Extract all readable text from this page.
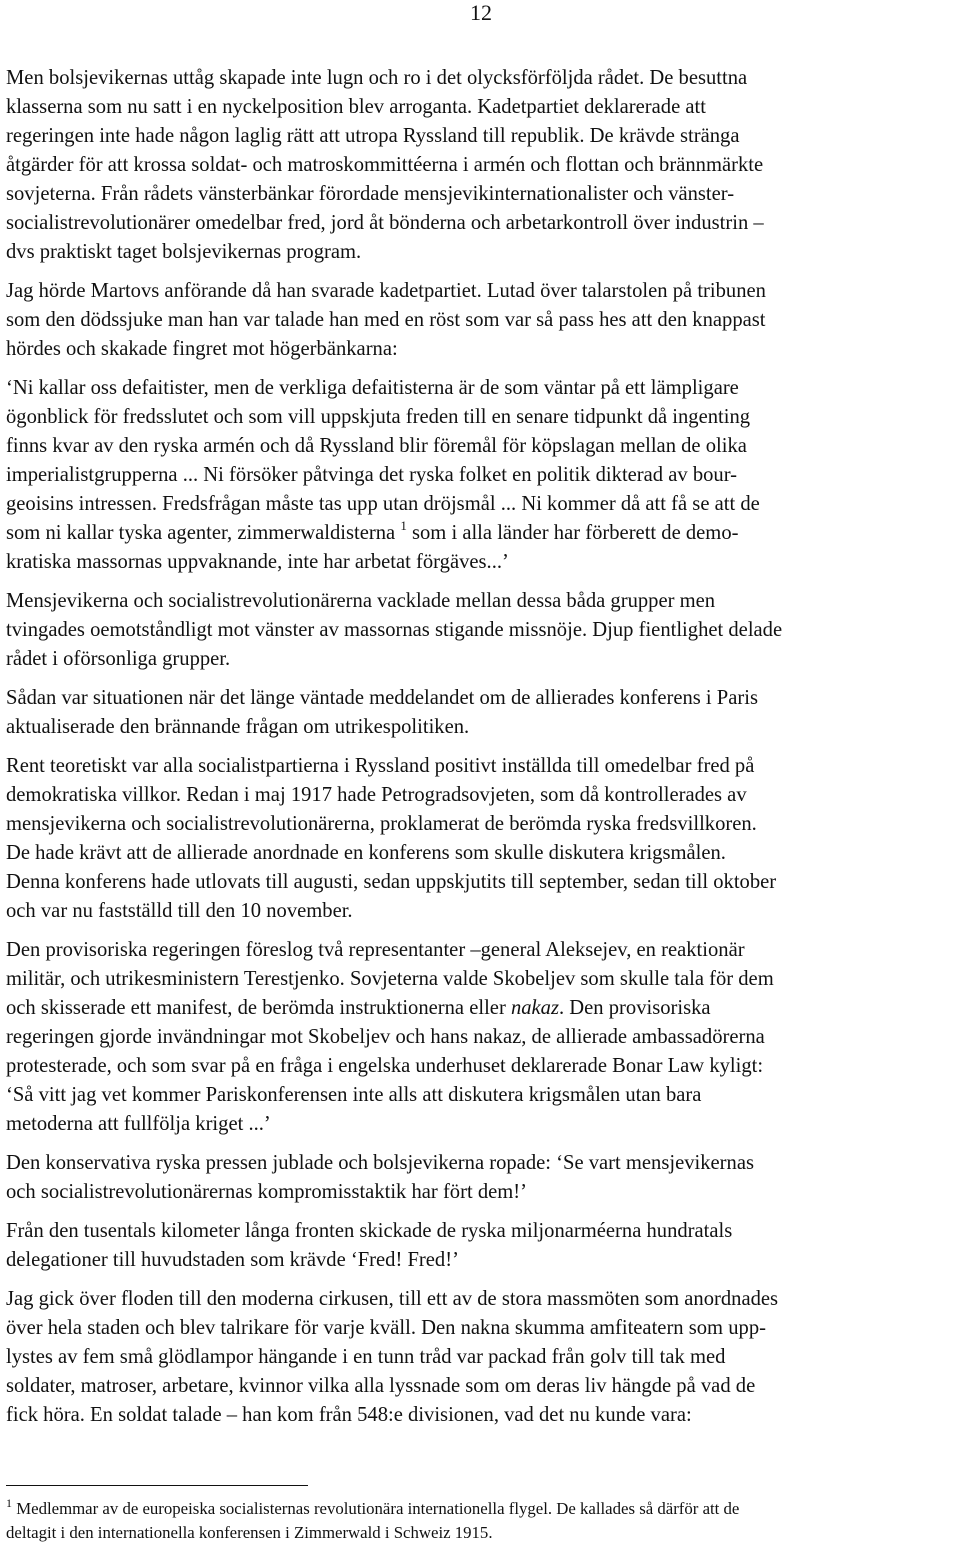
12
Men bolsjevikernas uttåg skapade inte lugn och ro i det olycksförföljda rådet. De besuttna
klasserna som nu satt i en nyckelposition blev arroganta. Kadetpartiet deklarerade att
regeringen inte hade någon laglig rätt att utropa Ryssland till republik. De krävde stränga
åtgärder för att krossa soldat- och matroskommittéerna i armén och flottan och brännmärkte
sovjeterna. Från rådets vänsterbänkar förordade mensjevikinternationalister och vänster-
socialistrevolutionärer omedelbar fred, jord åt bönderna och arbetarkontroll över industrin –
dvs praktiskt taget bolsjevikernas program.
Jag hörde Martovs anförande då han svarade kadetpartiet. Lutad över talarstolen på tribunen
som den dödssjuke man han var talade han med en röst som var så pass hes att den knappast
hördes och skakade fingret mot högerbänkarna:
‘Ni kallar oss defaitister, men de verkliga defaitisterna är de som väntar på ett lämpligare
ögonblick för fredsslutet och som vill uppskjuta freden till en senare tidpunkt då ingenting
finns kvar av den ryska armén och då Ryssland blir föremål för köpslagan mellan de olika
imperialistgrupperna ... Ni försöker påtvinga det ryska folket en politik dikterad av bour-
geoisins intressen. Fredsfrågan måste tas upp utan dröjsmål ... Ni kommer då att få se att de
som ni kallar tyska agenter, zimmerwaldisterna $^1$ som i alla länder har förberett de demo-
kratiska massornas uppvaknande, inte har arbetat förgäves...’
Mensjevikerna och socialistrevolutionärerna vacklade mellan dessa båda grupper men
tvingades oemotståndligt mot vänster av massornas stigande missnöje. Djup fientlighet delade
rådet i oförsonliga grupper.
Sådan var situationen när det länge väntade meddelandet om de allierades konferens i Paris
aktualiserade den brännande frågan om utrikespolitiken.
Rent teoretiskt var alla socialistpartierna i Ryssland positivt inställda till omedelbar fred på
demokratiska villkor. Redan i maj 1917 hade Petrogradsovjeten, som då kontrollerades av
mensjevikerna och socialistrevolutionärerna, proklamerat de berömda ryska fredsvillkoren.
De hade krävt att de allierade anordnade en konferens som skulle diskutera krigsmålen.
Denna konferens hade utlovats till augusti, sedan uppskjutits till september, sedan till oktober
och var nu fastställd till den 10 november.
Den provisoriska regeringen föreslog två representanter –general Aleksejev, en reaktionär
militär, och utrikesministern Terestjenko. Sovjeterna valde Skobeljev som skulle tala för dem
och skisserade ett manifest, de berömda instruktionerna eller nakaz. Den provisoriska
regeringen gjorde invändningar mot Skobeljev och hans nakaz, de allierade ambassadörerna
protesterade, och som svar på en fråga i engelska underhuset deklarerade Bonar Law kyligt:
‘Så vitt jag vet kommer Pariskonferensen inte alls att diskutera krigsmålen utan bara
metoderna att fullfölja kriget ...’
Den konservativa ryska pressen jublade och bolsjevikerna ropade: ‘Se vart mensjevikernas
och socialistrevolutionärernas kompromisstaktik har fört dem!’
Från den tusentals kilometer långa fronten skickade de ryska miljonarméerna hundratals
delegationer till huvudstaden som krävde ‘Fred! Fred!’
Jag gick över floden till den moderna cirkusen, till ett av de stora massmöten som anordnades
över hela staden och blev talrikare för varje kväll. Den nakna skumma amfiteatern som upp-
lystes av fem små glödlampor hängande i en tunn tråd var packad från golv till tak med
soldater, matroser, arbetare, kvinnor vilka alla lyssnade som om deras liv hängde på vad de
fick höra. En soldat talade – han kom från 548:e divisionen, vad det nu kunde vara:
$^1$ Medlemmar av de europeiska socialisternas revolutionära internationella flygel. De kallades så därför att de
deltagit i den internationella konferensen i Zimmerwald i Schweiz 1915.
